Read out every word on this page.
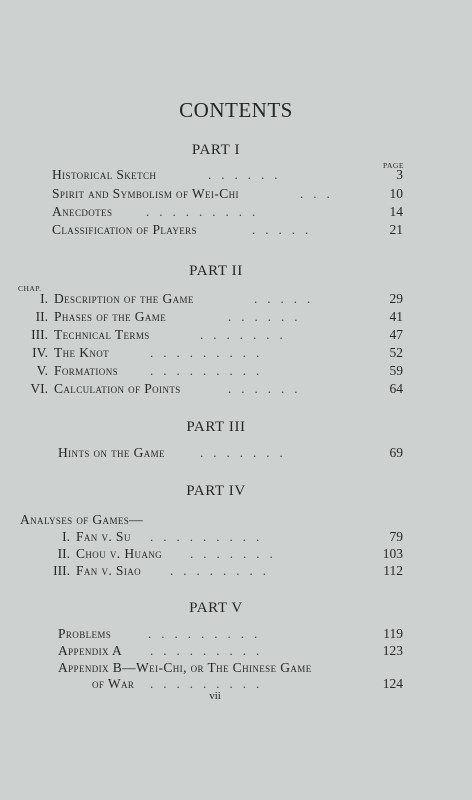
CONTENTS
PART I
PAGE
Historical Sketch	.​.​.​.​.​.	3
Spirit and Symbolism of Wei-Chi	...	10
Anecdotes	.........	14
Classification of Players	.....	21
PART II
CHAP.
I. Description of the Game	.....	29
II. Phases of the Game	......	41
III. Technical Terms	.......	47
IV. The Knot	.........	52
V. Formations .........	59
VI. Calculation of Points	......	64
PART III
Hints on the Game	.......	69
PART IV
Analyses of Games—
I. Fan v. Su .........	79
II. Chou v. Huang .......	103
III. Fan v. Siao ........	112
PART V
Problems	.........	119
Appendix A .........	123
Appendix B—Wei-Chi, or The Chinese Game
of War .........	124
vii
